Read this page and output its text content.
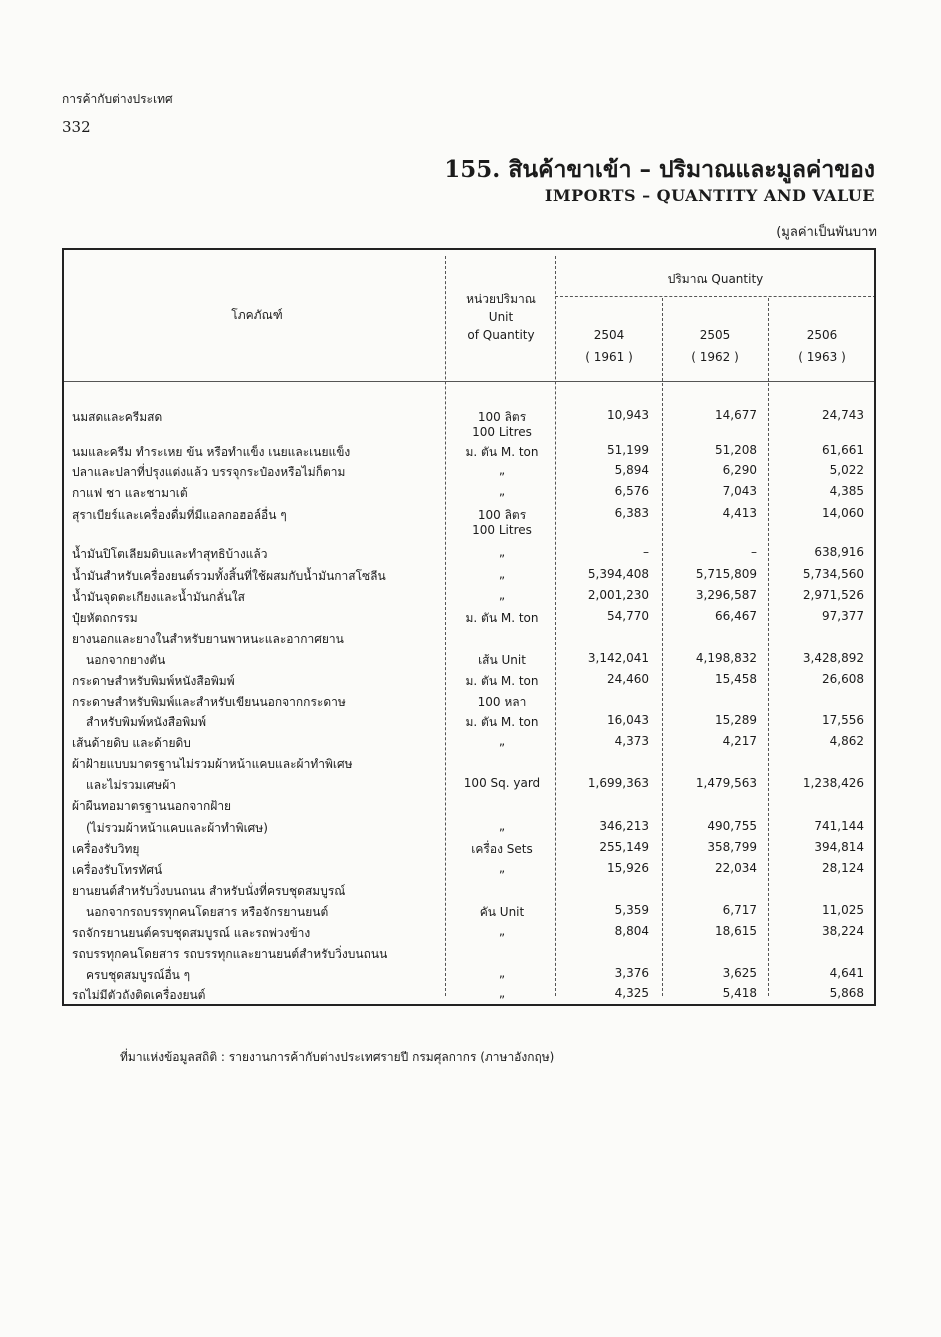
การค้ากับต่างประเทศ
332
155. สินค้าขาเข้า – ปริมาณและมูลค่าของ
IMPORTS – QUANTITY AND VALUE
(มูลค่าเป็นพันบาท
โภคภัณฑ์
หน่วยปริมาณ
Unit
of Quantity
ปริมาณ Quantity
2504
( 1961 )
2505
( 1962 )
2506
( 1963 )
นมสดและครีมสด	100 ลิตร	10,943	14,677	24,743
100 Litres
นมและครีม ทำระเหย ข้น หรือทำแข็ง เนยและเนยแข็ง	ม. ตัน M. ton	51,199	51,208	61,661
ปลาและปลาที่ปรุงแต่งแล้ว บรรจุกระป๋องหรือไม่ก็ตาม	„	5,894	6,290	5,022
กาแฟ ชา และชามาเต้	„	6,576	7,043	4,385
สุราเบียร์และเครื่องดื่มที่มีแอลกอฮอล์อื่น ๆ	100 ลิตร	6,383	4,413	14,060
100 Litres
น้ำมันปิโตเลียมดิบและทำสุทธิบ้างแล้ว	„	–	–	638,916
น้ำมันสำหรับเครื่องยนต์รวมทั้งสิ้นที่ใช้ผสมกับน้ำมันกาสโซลีน	„	5,394,408	5,715,809	5,734,560
น้ำมันจุดตะเกียงและน้ำมันกลั่นใส	„	2,001,230	3,296,587	2,971,526
ปุ๋ยหัตถกรรม	ม. ตัน M. ton	54,770	66,467	97,377
ยางนอกและยางในสำหรับยานพาหนะและอากาศยาน
นอกจากยางตัน	เส้น Unit	3,142,041	4,198,832	3,428,892
กระดาษสำหรับพิมพ์หนังสือพิมพ์	ม. ตัน M. ton	24,460	15,458	26,608
กระดาษสำหรับพิมพ์และสำหรับเขียนนอกจากกระดาษ	100 หลา
สำหรับพิมพ์หนังสือพิมพ์	ม. ตัน M. ton	16,043	15,289	17,556
เส้นด้ายดิบ และด้ายดิบ	„	4,373	4,217	4,862
ผ้าฝ้ายแบบมาตรฐานไม่รวมผ้าหน้าแคบและผ้าทำพิเศษ
และไม่รวมเศษผ้า	100 Sq. yard	1,699,363	1,479,563	1,238,426
ผ้าผืนทอมาตรฐานนอกจากฝ้าย
(ไม่รวมผ้าหน้าแคบและผ้าทำพิเศษ)	„	346,213	490,755	741,144
เครื่องรับวิทยุ	เครื่อง Sets	255,149	358,799	394,814
เครื่องรับโทรทัศน์	„	15,926	22,034	28,124
ยานยนต์สำหรับวิ่งบนถนน สำหรับนั่งที่ครบชุดสมบูรณ์
นอกจากรถบรรทุกคนโดยสาร หรือจักรยานยนต์	คัน Unit	5,359	6,717	11,025
รถจักรยานยนต์ครบชุดสมบูรณ์ และรถพ่วงข้าง	„	8,804	18,615	38,224
รถบรรทุกคนโดยสาร รถบรรทุกและยานยนต์สำหรับวิ่งบนถนน
ครบชุดสมบูรณ์อื่น ๆ	„	3,376	3,625	4,641
รถไม่มีตัวถังติดเครื่องยนต์	„	4,325	5,418	5,868
ที่มาแห่งข้อมูลสถิติ : รายงานการค้ากับต่างประเทศรายปี กรมศุลกากร (ภาษาอังกฤษ)
